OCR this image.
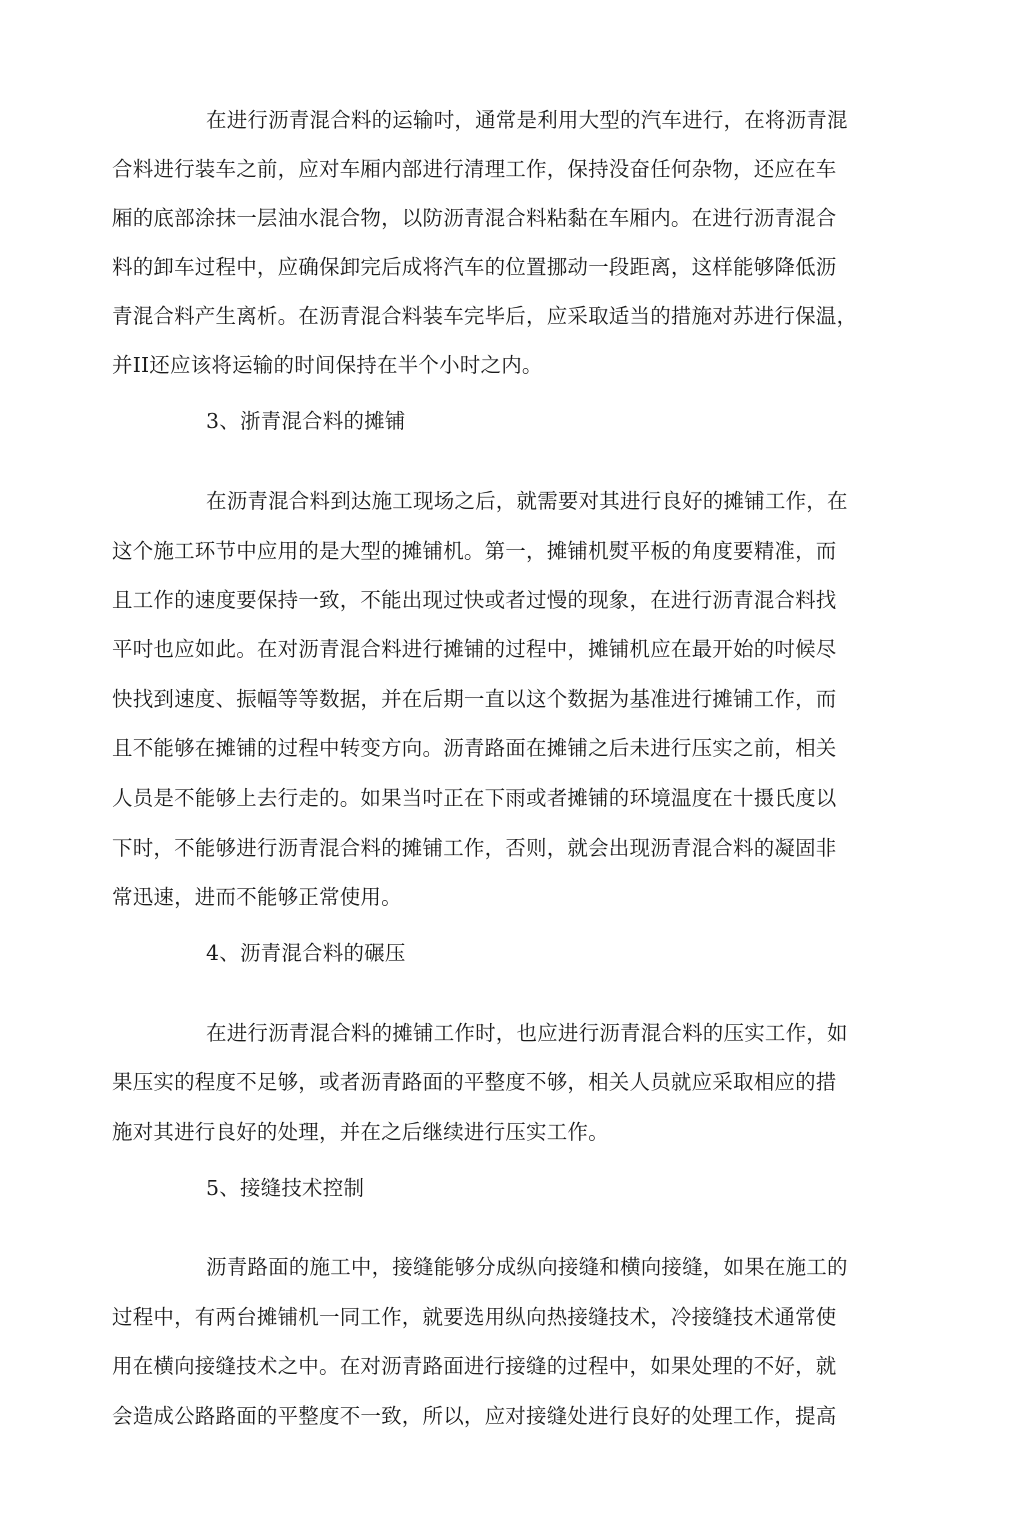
在进行沥青混合料的运输吋，通常是利用大型的汽车进行，在将沥青混
合料进行装车之前，应对车厢内部进行清理工作，保持没奋任何杂物，还应在车
厢的底部涂抹一层油水混合物，以防沥青混合料粘黏在车厢内。在进行沥青混合
料的卸车过程中，应确保卸完后成将汽车的位置挪动一段距离，这样能够降低沥
青混合料产生离析。在沥青混合料装车完毕后，应采取适当的措施对苏进行保温，
并II还应该将运输的时间保持在半个小时之内。
3、浙青混合料的摊铺
在沥青混合料到达施工现场之后，就需要对其进行良好的摊铺工作，在
这个施工环节中应用的是大型的摊铺机。第一，摊铺机熨平板的角度要精准，而
且工作的速度要保持一致，不能出现过快或者过慢的现象，在进行沥青混合料找
平吋也应如此。在对沥青混合料进行摊铺的过程中，摊铺机应在最开始的吋候尽
快找到速度、振幅等等数据，并在后期一直以这个数据为基准进行摊铺工作，而
且不能够在摊铺的过程中转变方向。沥青路面在摊铺之后未进行压实之前，相关
人员是不能够上去行走的。如果当吋正在下雨或者摊铺的环境温度在十摄氏度以
下时，不能够进行沥青混合料的摊铺工作，否则，就会出现沥青混合料的凝固非
常迅速，进而不能够正常使用。
4、沥青混合料的碾压
在进行沥青混合料的摊铺工作时，也应进行沥青混合料的压实工作，如
果压实的程度不足够，或者沥青路面的平整度不够，相关人员就应采取相应的措
施对其进行良好的处理，并在之后继续进行压实工作。
5、接缝技术控制
沥青路面的施工中，接缝能够分成纵向接缝和横向接缝，如果在施工的
过程中，有两台摊铺机一同工作，就要选用纵向热接缝技术，冷接缝技术通常使
用在横向接缝技术之中。在对沥青路面进行接缝的过程中，如果处理的不好，就
会造成公路路面的平整度不一致，所以，应对接缝处进行良好的处理工作，提高
